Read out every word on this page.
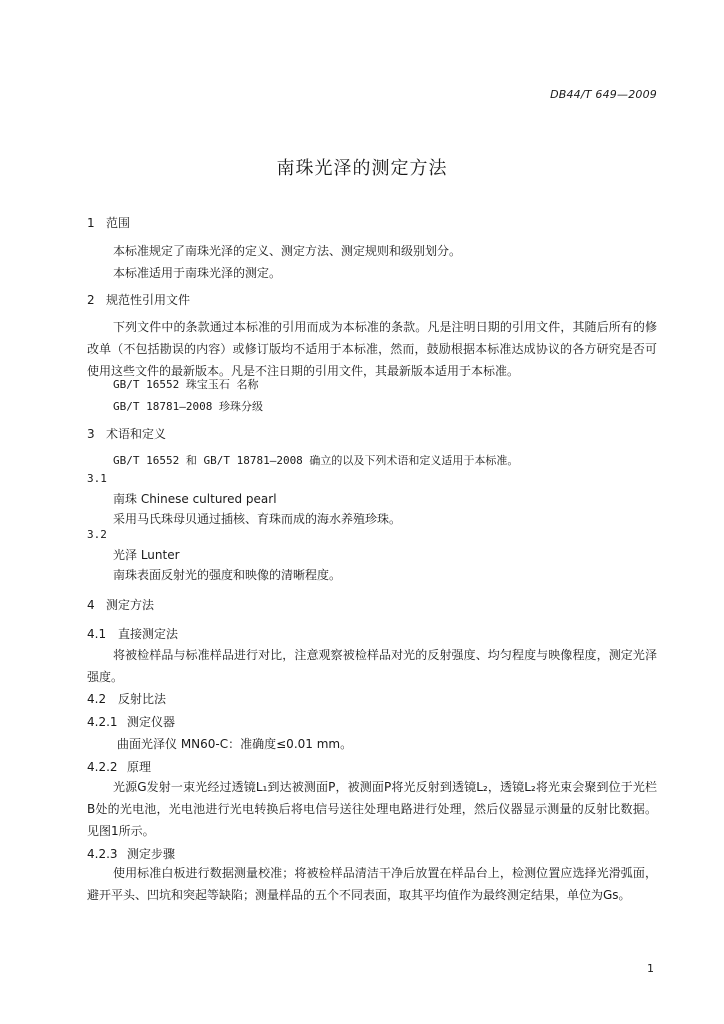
DB44/T 649—2009
南珠光泽的测定方法
1 范围
本标准规定了南珠光泽的定义、测定方法、测定规则和级别划分。
本标准适用于南珠光泽的测定。
2 规范性引用文件
下列文件中的条款通过本标准的引用而成为本标准的条款。凡是注明日期的引用文件，其随后所有的修改单（不包括勘误的内容）或修订版均不适用于本标准，然而，鼓励根据本标准达成协议的各方研究是否可使用这些文件的最新版本。凡是不注日期的引用文件，其最新版本适用于本标准。
GB/T 16552 珠宝玉石 名称
GB/T 18781—2008 珍珠分级
3 术语和定义
GB/T 16552 和 GB/T 18781—2008 确立的以及下列术语和定义适用于本标准。
3.1
南珠 Chinese cultured pearl
采用马氏珠母贝通过插核、育珠而成的海水养殖珍珠。
3.2
光泽 Lunter
南珠表面反射光的强度和映像的清晰程度。
4 测定方法
4.1 直接测定法
将被检样品与标准样品进行对比，注意观察被检样品对光的反射强度、均匀程度与映像程度，测定光泽强度。
4.2 反射比法
4.2.1 测定仪器
曲面光泽仪 MN60-C：准确度≤0.01 mm。
4.2.2 原理
光源G发射一束光经过透镜L₁到达被测面P，被测面P将光反射到透镜L₂，透镜L₂将光束会聚到位于光栏B处的光电池，光电池进行光电转换后将电信号送往处理电路进行处理，然后仪器显示测量的反射比数据。见图1所示。
4.2.3 测定步骤
使用标准白板进行数据测量校准；将被检样品清洁干净后放置在样品台上，检测位置应选择光滑弧面，避开平头、凹坑和突起等缺陷；测量样品的五个不同表面，取其平均值作为最终测定结果，单位为Gs。
1
